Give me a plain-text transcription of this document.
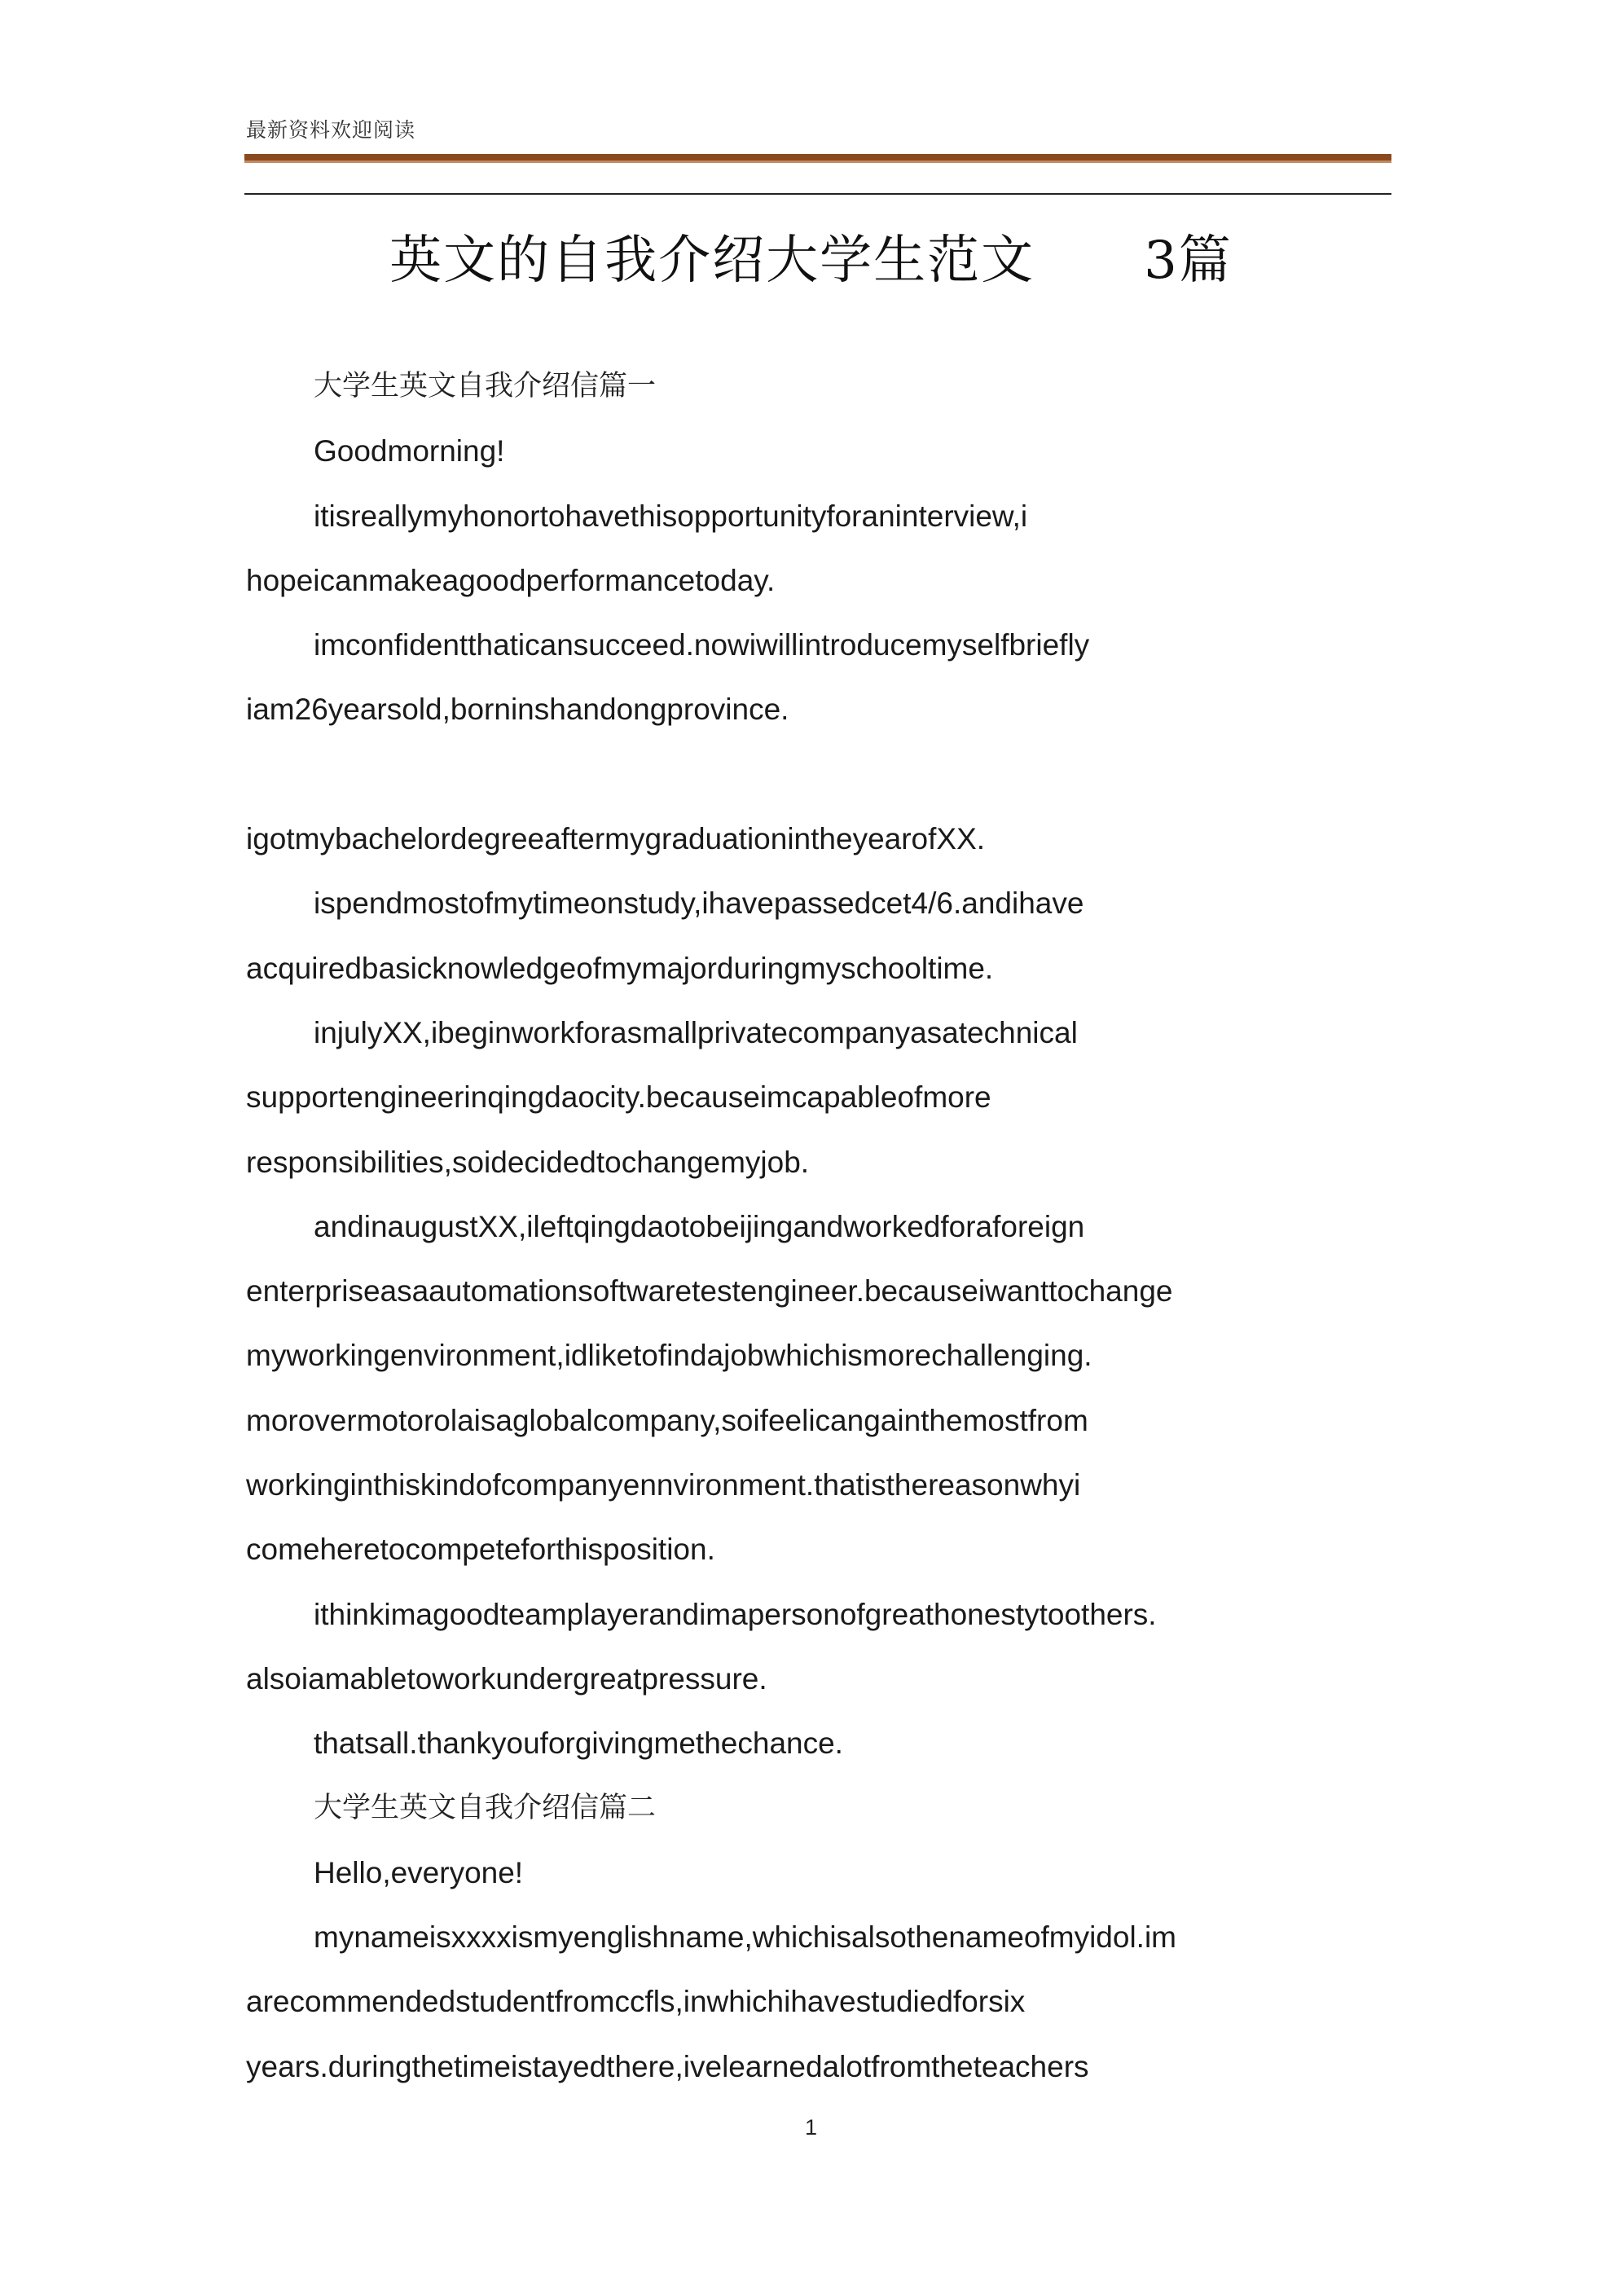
最新资料欢迎阅读
英文的自我介绍大学生范文      3篇
大学生英文自我介绍信篇一
Goodmorning!
itisreallymyhonortohavethisopportunityforaninterview,i
hopeicanmakeagoodperformancetoday.
imconfidentthaticansucceed.nowiwillintroducemyselfbriefly
iam26yearsold,borninshandongprovince.
igotmybachelordegreeaftermygraduationintheyearofXX.
ispendmostofmytimeonstudy,ihavepassedcet4/6.andihave
acquiredbasicknowledgeofmymajorduringmyschooltime.
injulyXX,ibeginworkforasmallprivatecompanyasatechnical
supportengineerinqingdaocity.becauseimcapableofmore
responsibilities,soidecidedtochangemyjob.
andinaugustXX,ileftqingdaotobeijingandworkedforaforeign
enterpriseasaautomationsoftwaretestengineer.becauseiwanttochange
myworkingenvironment,idliketofindajobwhichismorechallenging.
morovermotorolaisaglobalcompany,soifeelicangainthemostfrom
workinginthiskindofcompanyennvironment.thatisthereasonwhyi
comeheretocompeteforthisposition.
ithinkimagoodteamplayerandimapersonofgreathonestytoothers.
alsoiamabletoworkundergreatpressure.
thatsall.thankyouforgivingmethechance.
大学生英文自我介绍信篇二
Hello,everyone!
mynameisxxxxismyenglishname,whichisalsothenameofmyidol.im
arecommendedstudentfromccfls,inwhichihavestudiedforsix
years.duringthetimeistayedthere,ivelearnedalotfromtheteachers
1
